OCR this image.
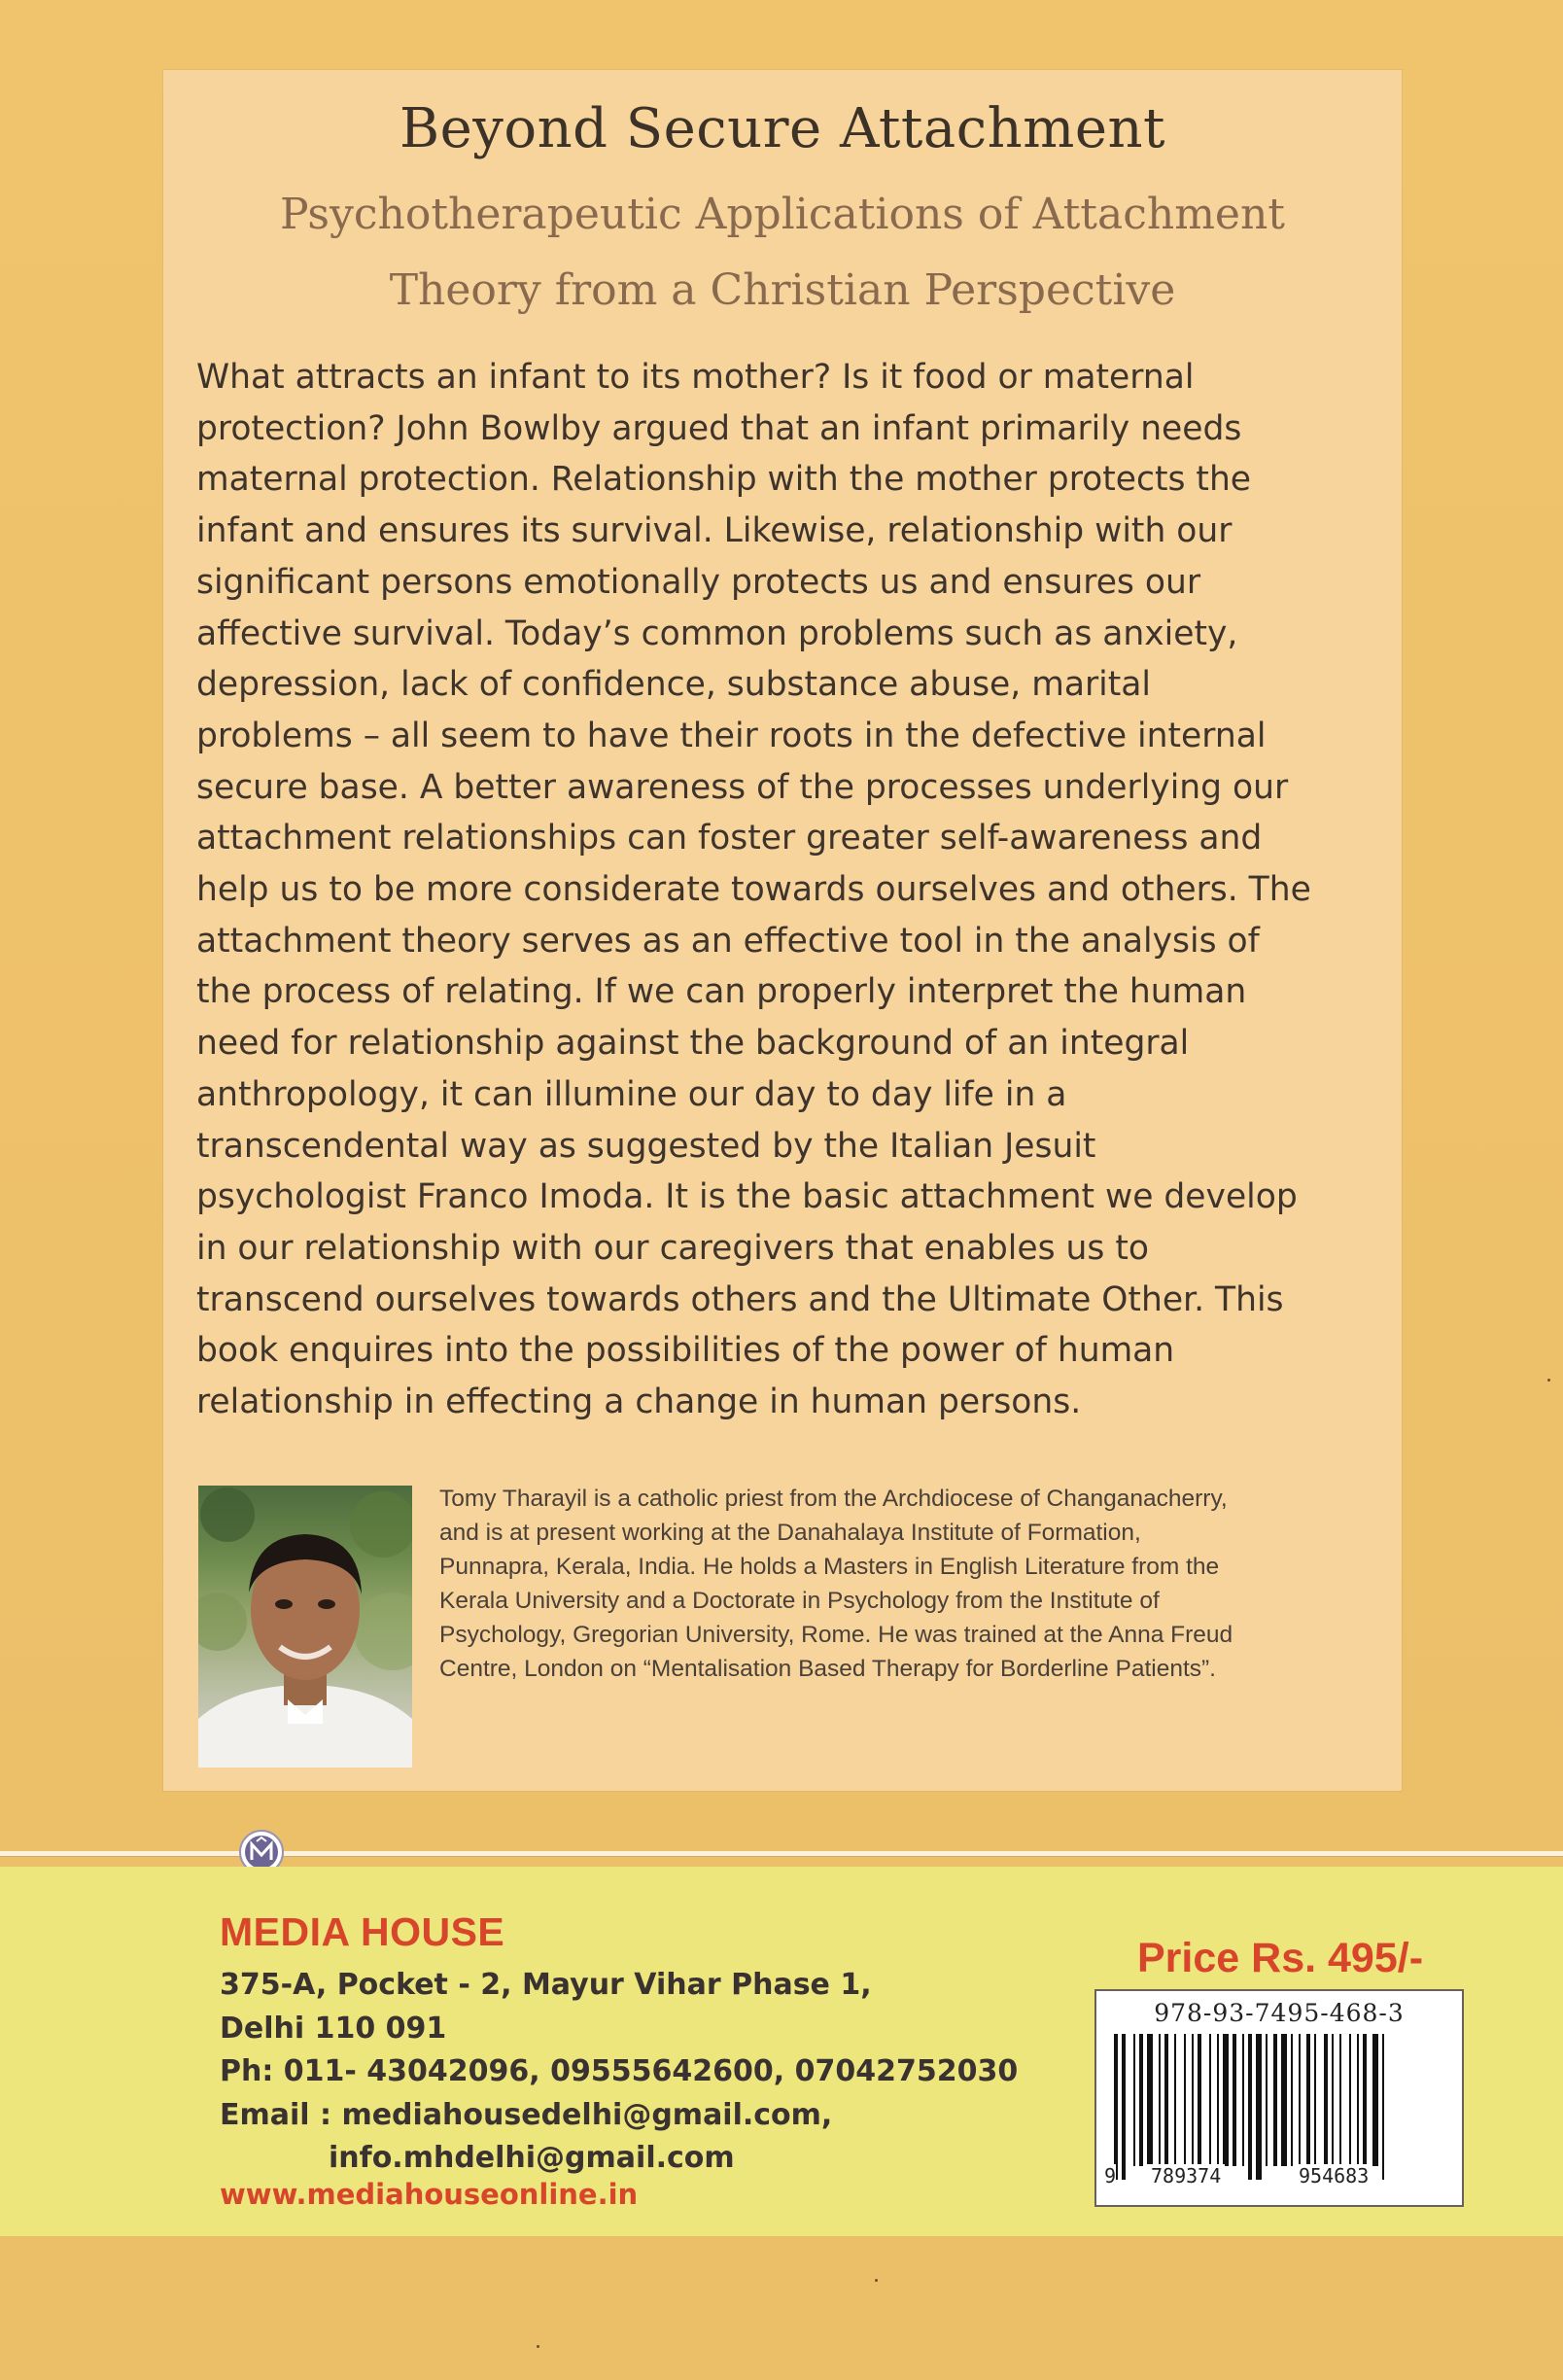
Beyond Secure Attachment
Psychotherapeutic Applications of Attachment
Theory from a Christian Perspective

What attracts an infant to its mother? Is it food or maternal
protection? John Bowlby argued that an infant primarily needs
maternal protection. Relationship with the mother protects the
infant and ensures its survival. Likewise, relationship with our
significant persons emotionally protects us and ensures our
affective survival. Today’s common problems such as anxiety,
depression, lack of confidence, substance abuse, marital
problems – all seem to have their roots in the defective internal
secure base. A better awareness of the processes underlying our
attachment relationships can foster greater self-awareness and
help us to be more considerate towards ourselves and others. The
attachment theory serves as an effective tool in the analysis of
the process of relating. If we can properly interpret the human
need for relationship against the background of an integral
anthropology, it can illumine our day to day life in a
transcendental way as suggested by the Italian Jesuit
psychologist Franco Imoda. It is the basic attachment we develop
in our relationship with our caregivers that enables us to
transcend ourselves towards others and the Ultimate Other. This
book enquires into the possibilities of the power of human
relationship in effecting a change in human persons.

Tomy Tharayil is a catholic priest from the Archdiocese of Changanacherry,
and is at present working at the Danahalaya Institute of Formation,
Punnapra, Kerala, India. He holds a Masters in English Literature from the
Kerala University and a Doctorate in Psychology from the Institute of
Psychology, Gregorian University, Rome. He was trained at the Anna Freud
Centre, London on “Mentalisation Based Therapy for Borderline Patients”.

MEDIA HOUSE

375-A, Pocket - 2, Mayur Vihar Phase 1,
Delhi 110 091
Ph: 011- 43042096, 09555642600, 07042752030
Email : mediahousedelhi@gmail.com,
info.mhdelhi@gmail.com

www.mediahouseonline.in

Price Rs. 495/-

978-93-7495-468-3

9 789374	954683
